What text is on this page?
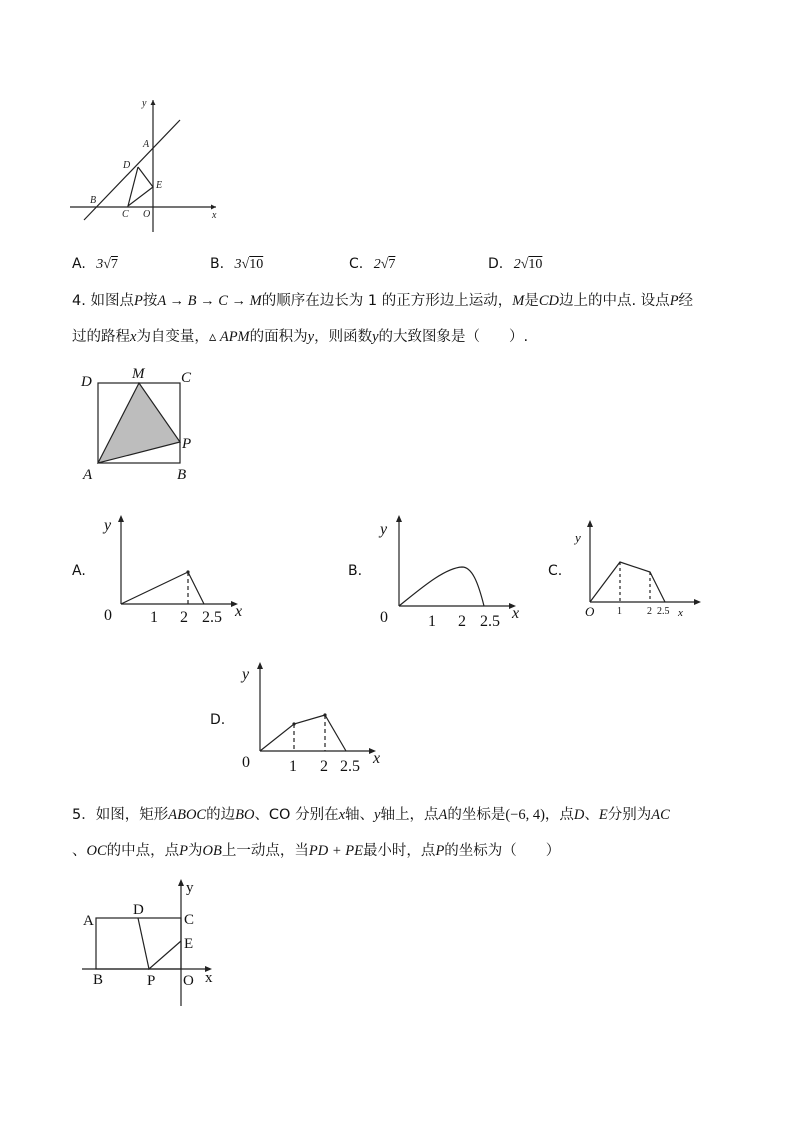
y
x
A
D
E
B
C O
A. 3√7	B. 3√10	C. 2√7	D. 2√10
4. 如图点P按A → B → C → M的顺序在边长为 1 的正方形边上运动，M是CD边上的中点. 设点P经
过的路程x为自变量，▵ APM的面积为y，则函数y的大致图象是（　　）.
D	M C
P
A	B
A.
y
x
0 1 2 2.5
B.
y
x
0	1 2 2.5
C.
y
x
O 1	2 2.5
D.
y
x
0 1 2 2.5
5．如图，矩形ABOC的边BO、CO 分别在x轴、y轴上，点A的坐标是(−6, 4)，点D、E分别为AC
、OC的中点，点P为OB上一动点，当PD + PE最小时，点P的坐标为（　　）
y
x
A
D
C
E
B	P O
